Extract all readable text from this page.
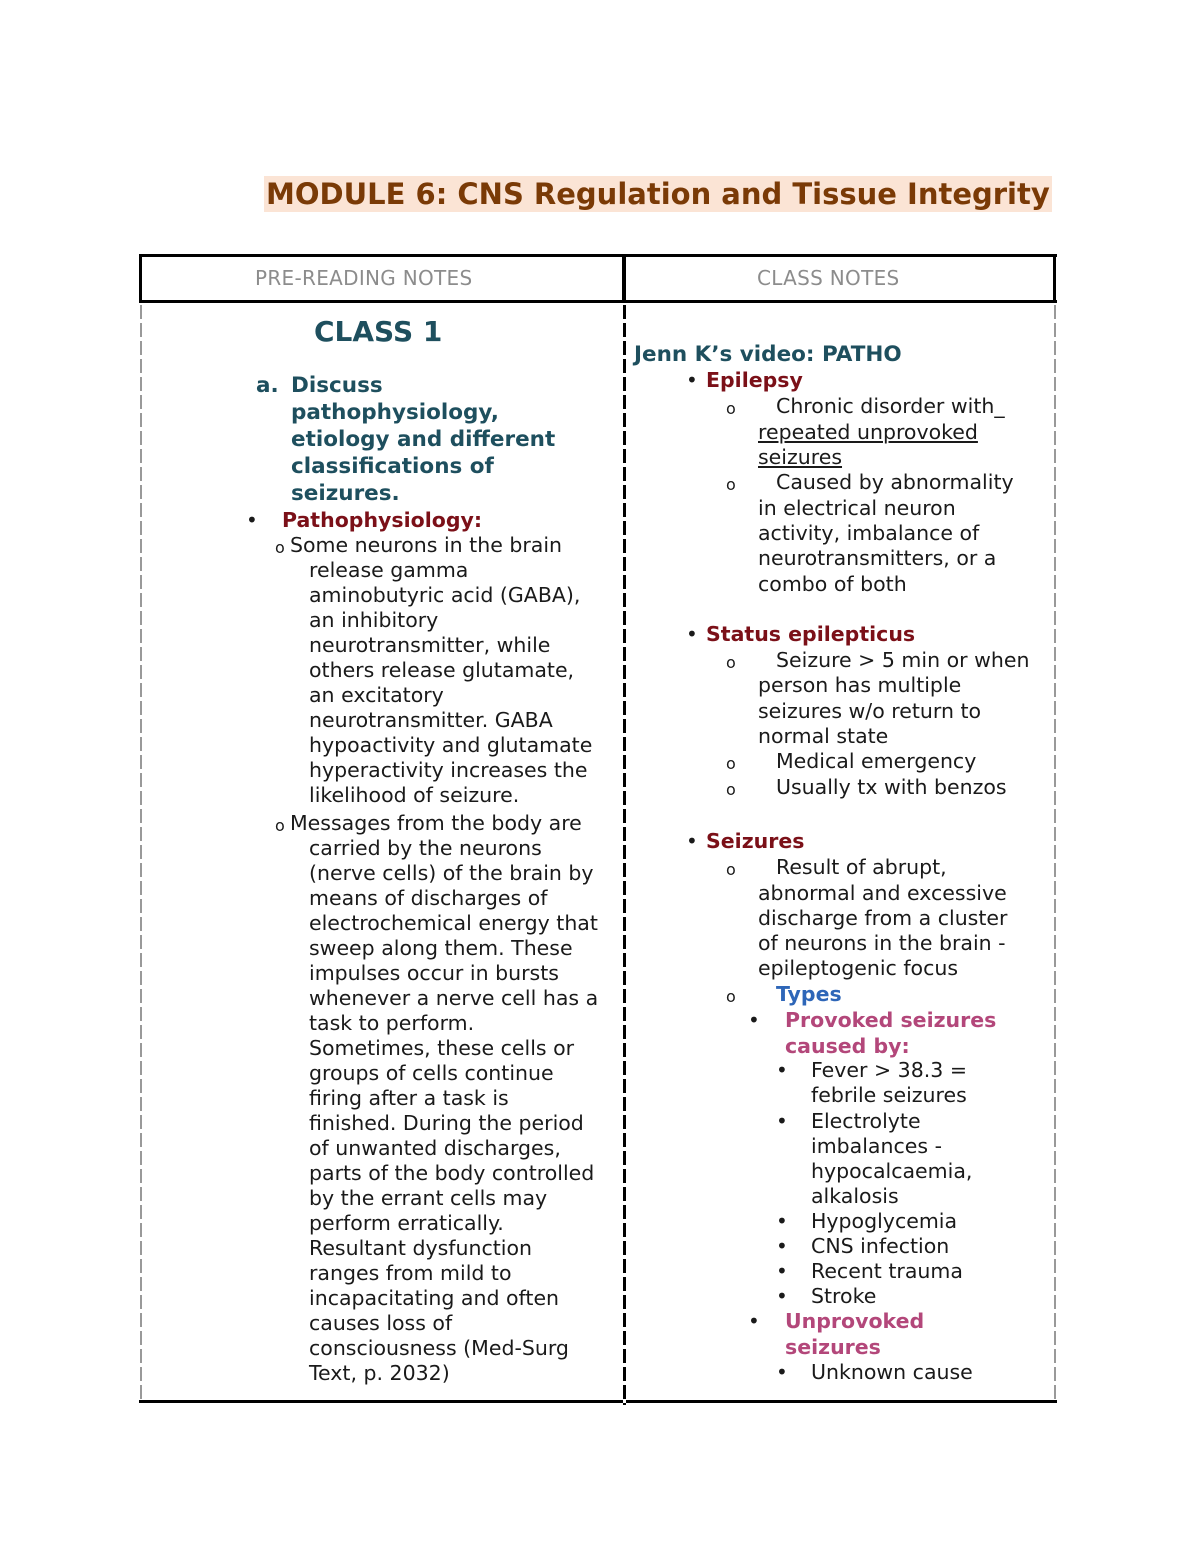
MODULE 6: CNS Regulation and Tissue Integrity
PRE-READING NOTES	CLASS NOTES
CLASS 1
a. Discuss
pathophysiology,
etiology and different
classifications of
seizures.
• Pathophysiology:
o Some neurons in the brain
release gamma
aminobutyric acid (GABA),
an inhibitory
neurotransmitter, while
others release glutamate,
an excitatory
neurotransmitter. GABA
hypoactivity and glutamate
hyperactivity increases the
likelihood of seizure.
o Messages from the body are
carried by the neurons
(nerve cells) of the brain by
means of discharges of
electrochemical energy that
sweep along them. These
impulses occur in bursts
whenever a nerve cell has a
task to perform.
Sometimes, these cells or
groups of cells continue
firing after a task is
finished. During the period
of unwanted discharges,
parts of the body controlled
by the errant cells may
perform erratically.
Resultant dysfunction
ranges from mild to
incapacitating and often
causes loss of
consciousness (Med-Surg
Text, p. 2032)
Jenn K’s video: PATHO
• Epilepsy
o Chronic disorder with_
repeated unprovoked
seizures
o Caused by abnormality
in electrical neuron
activity, imbalance of
neurotransmitters, or a
combo of both
• Status epilepticus
o Seizure > 5 min or when
person has multiple
seizures w/o return to
normal state
o Medical emergency
o Usually tx with benzos
• Seizures
o Result of abrupt,
abnormal and excessive
discharge from a cluster
of neurons in the brain -
epileptogenic focus
o Types
• Provoked seizures
caused by:
• Fever > 38.3 =
febrile seizures
• Electrolyte
imbalances -
hypocalcaemia,
alkalosis
• Hypoglycemia
• CNS infection
• Recent trauma
• Stroke
• Unprovoked
seizures
• Unknown cause
